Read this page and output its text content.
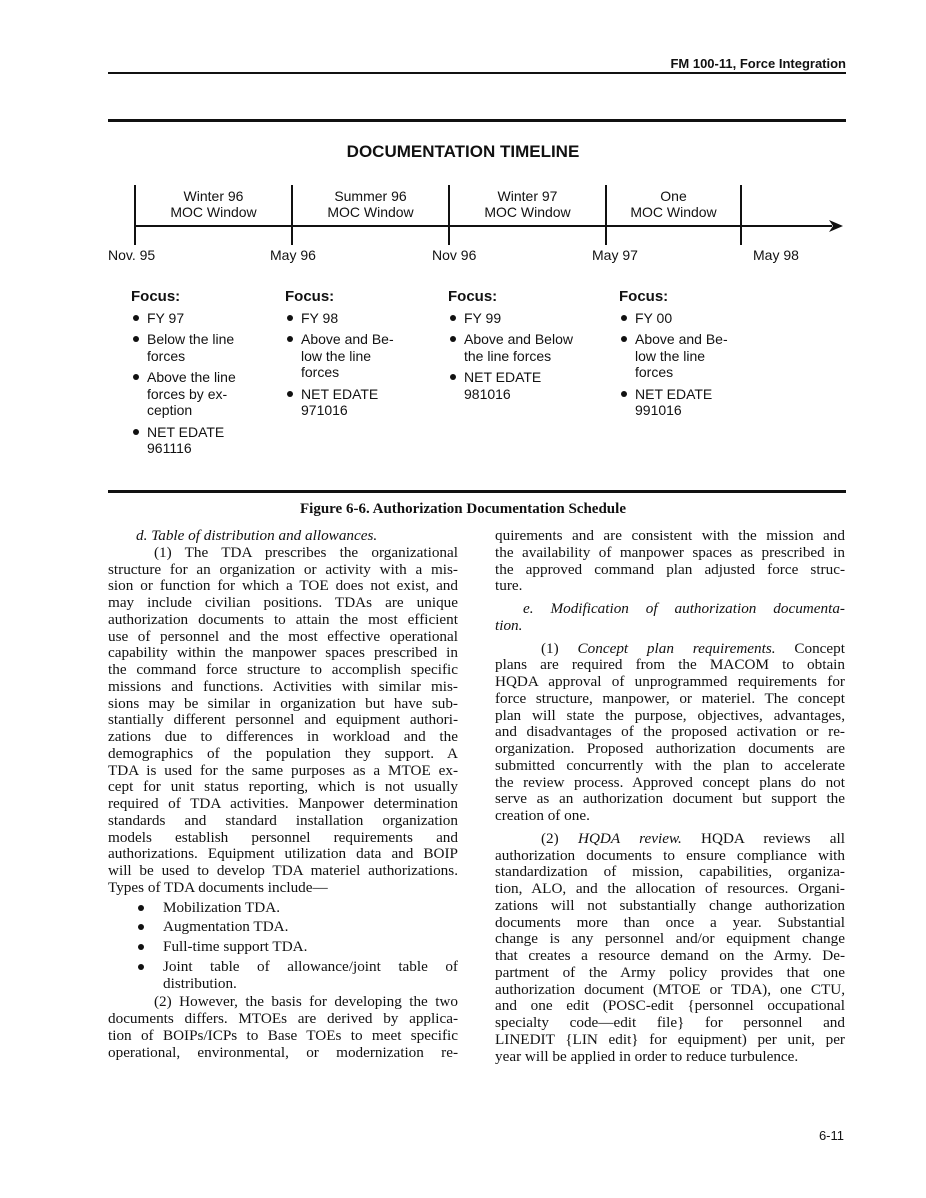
FM 100-11, Force Integration
DOCUMENTATION TIMELINE
Winter 96
MOC Window
Summer 96
MOC Window
Winter 97
MOC Window
One
MOC Window
Nov. 95	May 96	Nov 96	May 97	May 98
Focus:
FY 97
Below the line
forces
Above the line
forces by ex-
ception
NET EDATE
961116
Focus:
FY 98
Above and Be-
low the line
forces
NET EDATE
971016
Focus:
FY 99
Above and Below
the line forces
NET EDATE
981016
Focus:
FY 00
Above and Be-
low the line
forces
NET EDATE
991016
Figure 6-6. Authorization Documentation Schedule
d. Table of distribution and allowances.
(1) The TDA prescribes the organizational
structure for an organization or activity with a mis-
sion or function for which a TOE does not exist, and
may include civilian positions. TDAs are unique
authorization documents to attain the most efficient
use of personnel and the most effective operational
capability within the manpower spaces prescribed in
the command force structure to accomplish specific
missions and functions. Activities with similar mis-
sions may be similar in organization but have sub-
stantially different personnel and equipment authori-
zations due to differences in workload and the
demographics of the population they support. A
TDA is used for the same purposes as a MTOE ex-
cept for unit status reporting, which is not usually
required of TDA activities. Manpower determination
standards and standard installation organization
models establish personnel requirements and
authorizations. Equipment utilization data and BOIP
will be used to develop TDA materiel authorizations.
Types of TDA documents include—
Mobilization TDA.
Augmentation TDA.
Full-time support TDA.
Joint table of allowance/joint table of
distribution.
(2) However, the basis for developing the two
documents differs. MTOEs are derived by applica-
tion of BOIPs/ICPs to Base TOEs to meet specific
operational, environmental, or modernization re-
quirements and are consistent with the mission and
the availability of manpower spaces as prescribed in
the approved command plan adjusted force struc-
ture.
e. Modification of authorization documenta-
tion.
(1) Concept plan requirements. Concept
plans are required from the MACOM to obtain
HQDA approval of unprogrammed requirements for
force structure, manpower, or materiel. The concept
plan will state the purpose, objectives, advantages,
and disadvantages of the proposed activation or re-
organization. Proposed authorization documents are
submitted concurrently with the plan to accelerate
the review process. Approved concept plans do not
serve as an authorization document but support the
creation of one.
(2) HQDA review. HQDA reviews all
authorization documents to ensure compliance with
standardization of mission, capabilities, organiza-
tion, ALO, and the allocation of resources. Organi-
zations will not substantially change authorization
documents more than once a year. Substantial
change is any personnel and/or equipment change
that creates a resource demand on the Army. De-
partment of the Army policy provides that one
authorization document (MTOE or TDA), one CTU,
and one edit (POSC-edit {personnel occupational
specialty code—edit file} for personnel and
LINEDIT {LIN edit} for equipment) per unit, per
year will be applied in order to reduce turbulence.
6-11
